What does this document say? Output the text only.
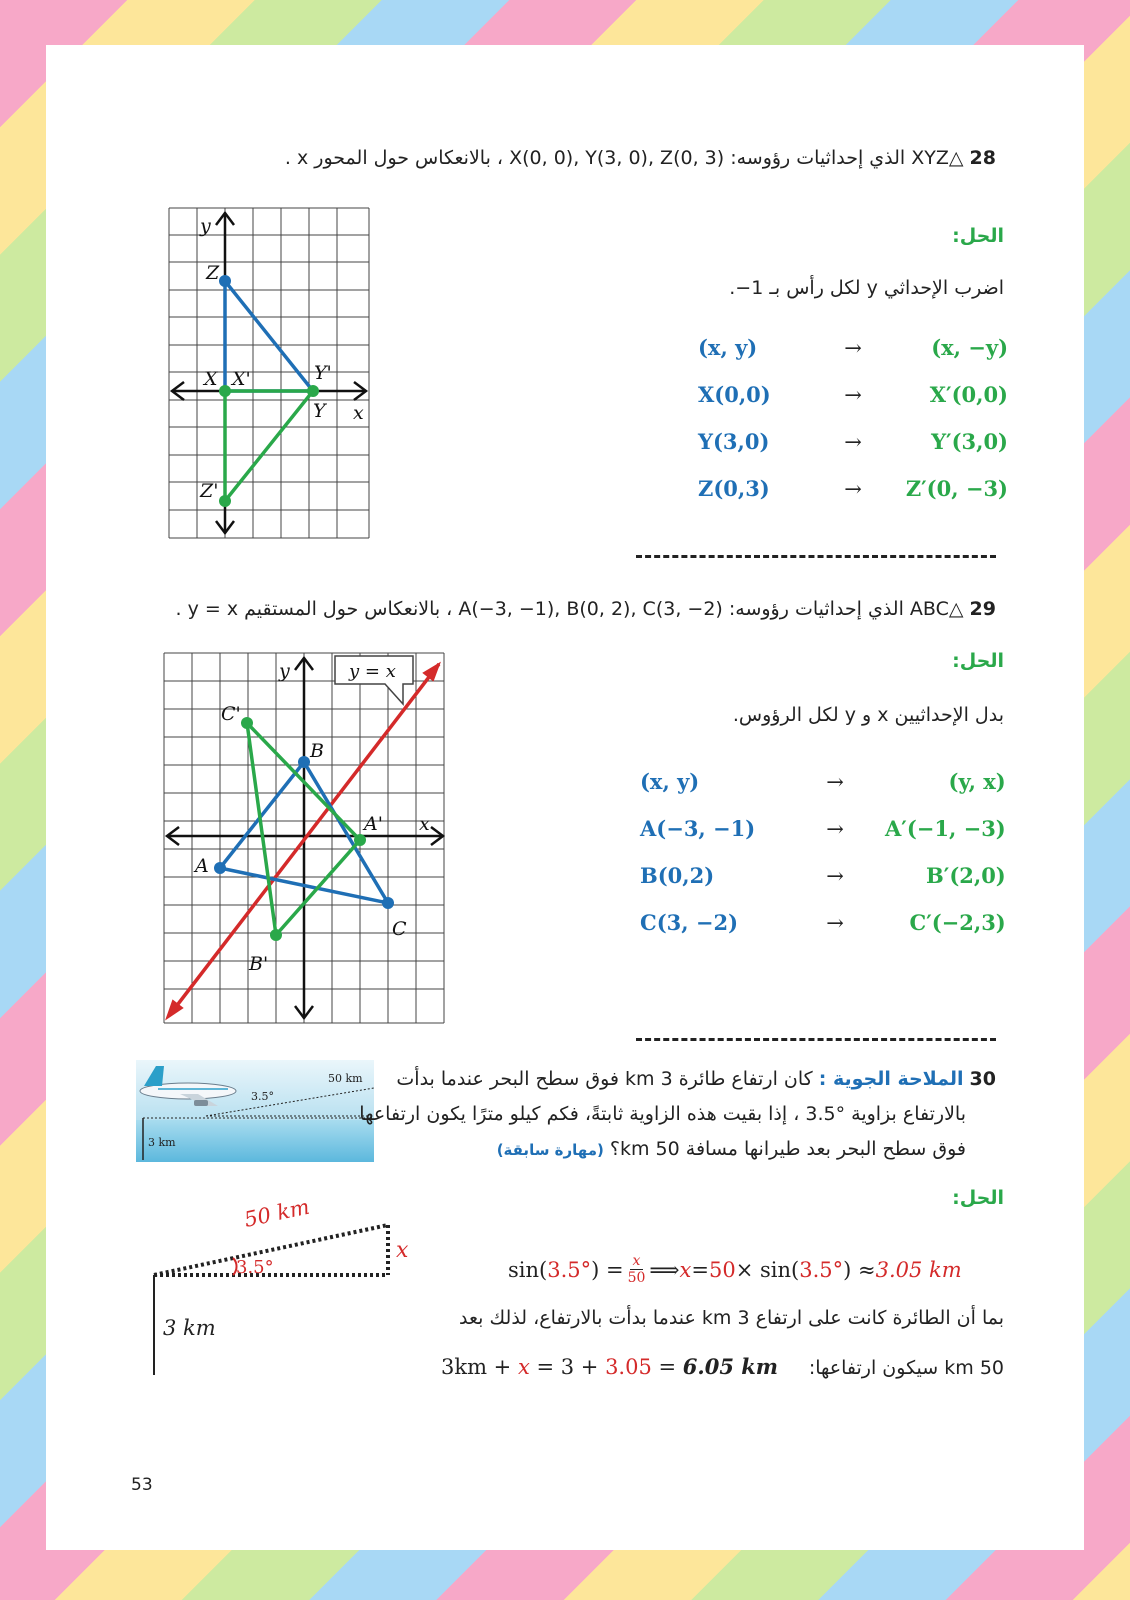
28 △XYZ الذي إحداثيات رؤوسه: X(0, 0), Y(3, 0), Z(0, 3) ، بالانعكاس حول المحور x .
y
x
Z
X X'	Y'
Y
Z'
الحل:
اضرب الإحداثي y لكل رأس بـ 1−.
(x, y)	→	(x, −y)
X(0,0)	→	X′(0,0)
Y(3,0)	→	Y′(3,0)
Z(0,3)	→	Z′(0, −3)
29 △ABC الذي إحداثيات رؤوسه: A(−3, −1), B(0, 2), C(3, −2) ، بالانعكاس حول المستقيم y = x .
y = x
y
x
A
B
C
A'
B'
C'
الحل:
بدل الإحداثيين x و y لكل الرؤوس.
(x, y)	→	(y, x)
A(−3, −1)	→	A′(−1, −3)
B(0,2)	→	B′(2,0)
C(3, −2)	→	C′(−2,3)
3.5°
50 km
3 km
30 الملاحة الجوية : كان ارتفاع طائرة 3 km فوق سطح البحر عندما بدأت
بالارتفاع بزاوية °3.5 ، إذا بقيت هذه الزاوية ثابتةً، فكم كيلو مترًا يكون ارتفاعها
فوق سطح البحر بعد طيرانها مسافة 50 km؟ (مهارة سابقة)
الحل:
50 km
3.5°
x
3 km
sin( 3.5° ) = $\frac{x}{50}$ ⟹ x = 50 × sin( 3.5° ) ≈ 3.05 km
بما أن الطائرة كانت على ارتفاع 3 km عندما بدأت بالارتفاع، لذلك بعد
50 km سيكون ارتفاعها:
3km + x = 3 + 3.05 = 6.05 km
53
